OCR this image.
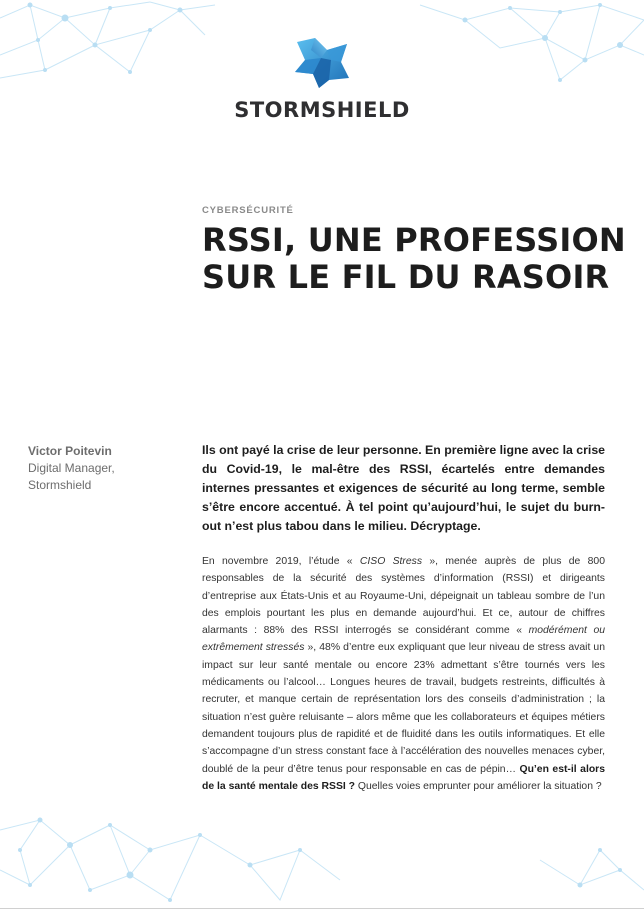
STORMSHIELD
CYBERSÉCURITÉ
RSSI, UNE PROFESSION SUR LE FIL DU RASOIR
Victor Poitevin
Digital Manager, Stormshield

Ils ont payé la crise de leur personne. En première ligne avec la crise du Covid-19, le mal-être des RSSI, écartelés entre demandes internes pressantes et exigences de sécurité au long terme, semble s’être encore accentué. À tel point qu’aujourd’hui, le sujet du burn-out n’est plus tabou dans le milieu. Décryptage.

En novembre 2019, l’étude « CISO Stress », menée auprès de plus de 800 responsables de la sécurité des systèmes d’information (RSSI) et dirigeants d’entreprise aux États-Unis et au Royaume-Uni, dépeignait un tableau sombre de l’un des emplois pourtant les plus en demande aujourd’hui. Et ce, autour de chiffres alarmants : 88% des RSSI interrogés se considérant comme « modérément ou extrêmement stressés », 48% d’entre eux expliquant que leur niveau de stress avait un impact sur leur santé mentale ou encore 23% admettant s’être tournés vers les médicaments ou l’alcool… Longues heures de travail, budgets restreints, difficultés à recruter, et manque certain de représentation lors des conseils d’administration ; la situation n’est guère reluisante – alors même que les collaborateurs et équipes métiers demandent toujours plus de rapidité et de fluidité dans les outils informatiques. Et elle s’accompagne d’un stress constant face à l’accélération des nouvelles menaces cyber, doublé de la peur d’être tenus pour responsable en cas de pépin… Qu’en est-il alors de la santé mentale des RSSI ? Quelles voies emprunter pour améliorer la situation ?
